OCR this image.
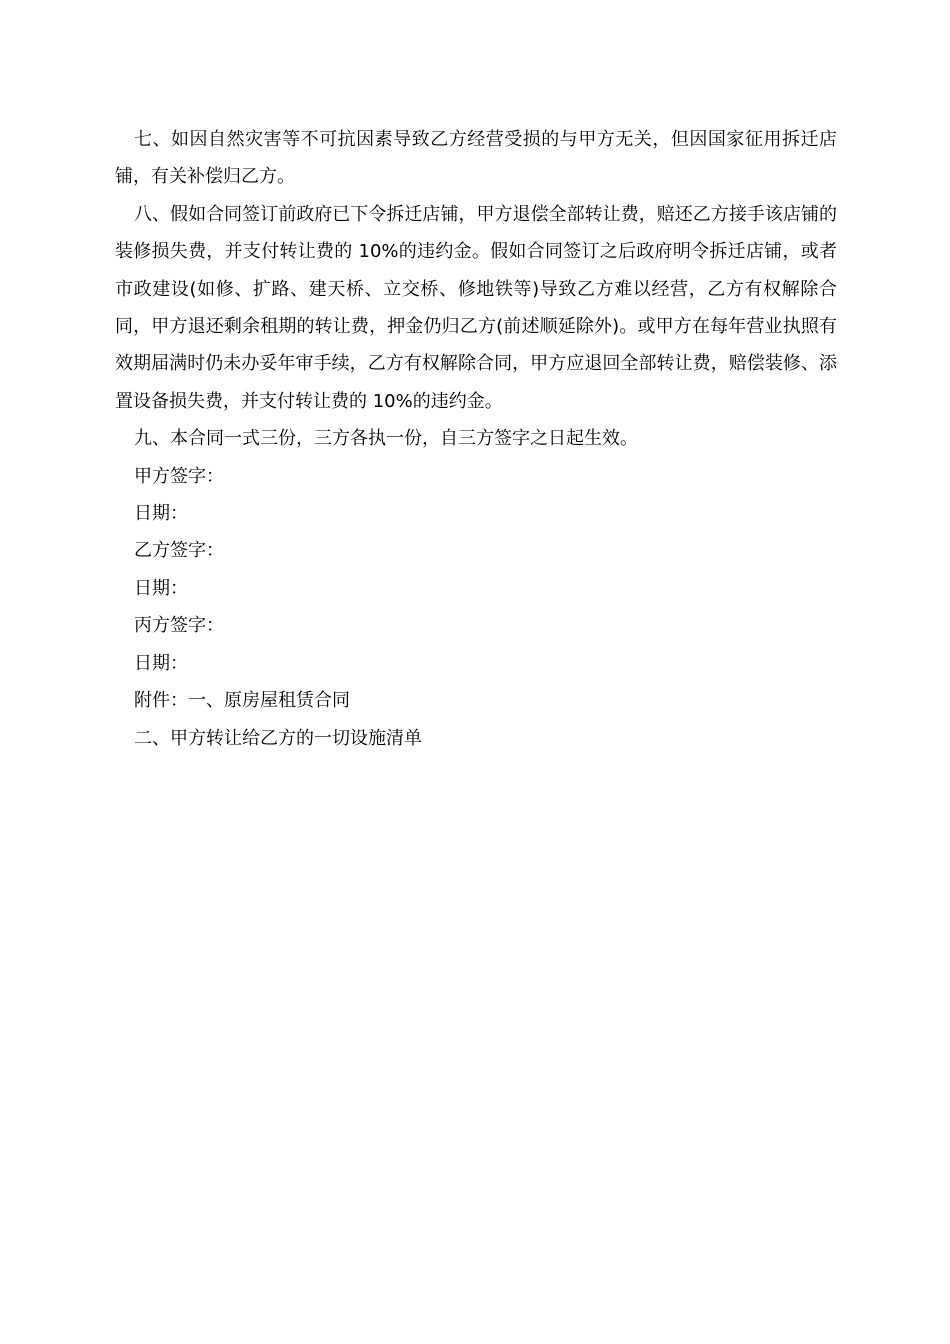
七、如因自然灾害等不可抗因素导致乙方经营受损的与甲方无关，但因国家征用拆迁店铺，有关补偿归乙方。

八、假如合同签订前政府已下令拆迁店铺，甲方退偿全部转让费，赔还乙方接手该店铺的装修损失费，并支付转让费的 10%的违约金。假如合同签订之后政府明令拆迁店铺，或者市政建设(如修、扩路、建天桥、立交桥、修地铁等)导致乙方难以经营，乙方有权解除合同，甲方退还剩余租期的转让费，押金仍归乙方(前述顺延除外)。或甲方在每年营业执照有效期届满时仍未办妥年审手续，乙方有权解除合同，甲方应退回全部转让费，赔偿装修、添置设备损失费，并支付转让费的 10%的违约金。

九、本合同一式三份，三方各执一份，自三方签字之日起生效。

甲方签字：

日期：

乙方签字：

日期：

丙方签字：

日期：

附件：一、原房屋租赁合同

二、甲方转让给乙方的一切设施清单
